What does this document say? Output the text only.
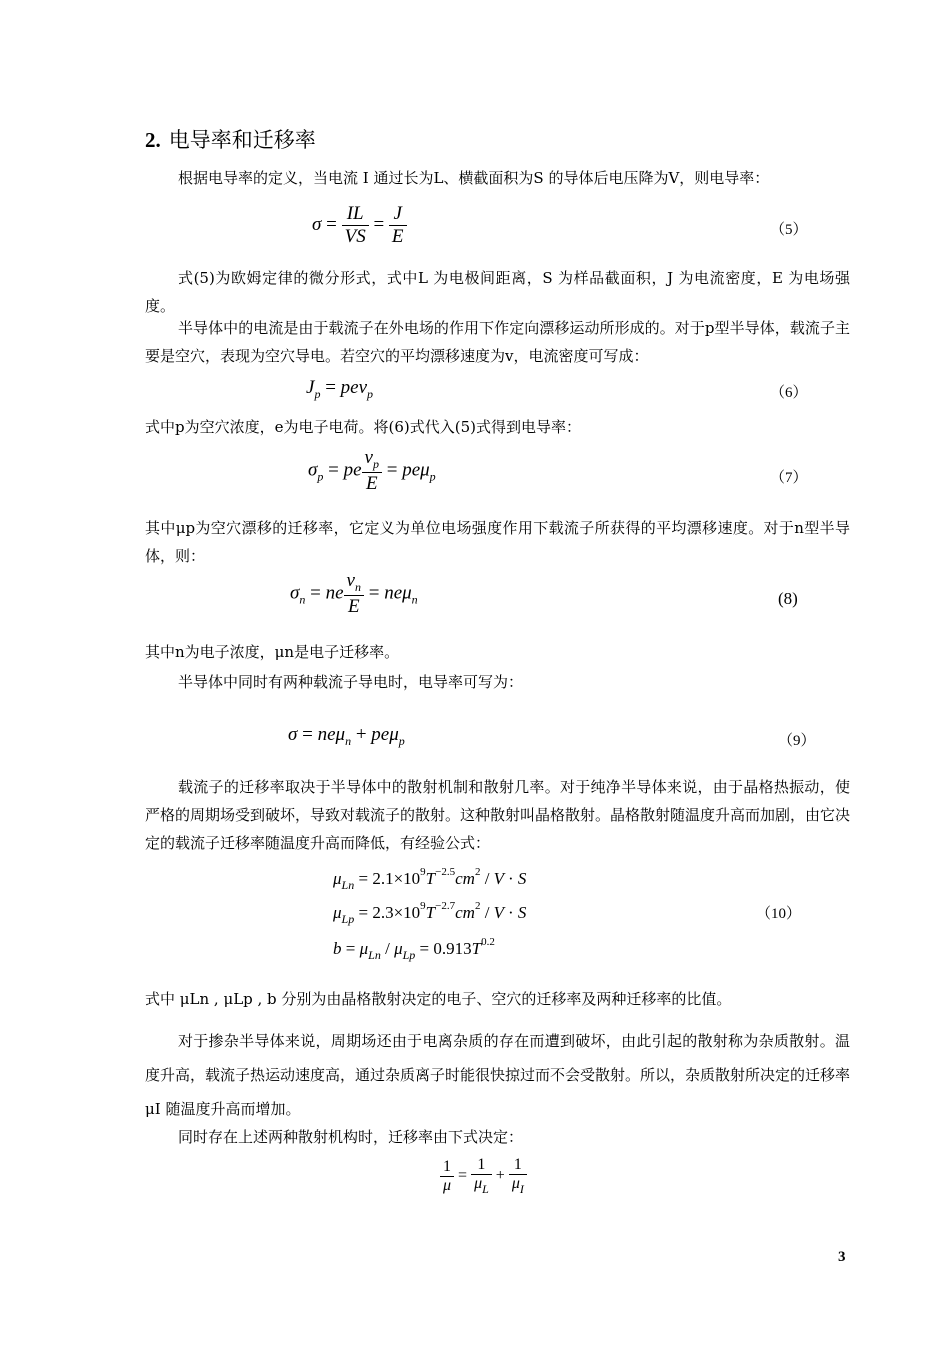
2. 电导率和迁移率
根据电导率的定义，当电流 I 通过长为L、横截面积为S 的导体后电压降为V，则电导率：
$\sigma = \frac{IL}{VS} = \frac{J}{E}$	（5）
式(5)为欧姆定律的微分形式，式中L 为电极间距离，S 为样品截面积，J 为电流密度，E 为电场强度。
半导体中的电流是由于载流子在外电场的作用下作定向漂移运动所形成的。对于p型半导体，载流子主要是空穴，表现为空穴导电。若空穴的平均漂移速度为v，电流密度可写成：
$J_p = pev_p$	（6）
式中p为空穴浓度，e为电子电荷。将(6)式代入(5)式得到电导率：
$\sigma_p$ = pe $\frac{v_p}{E} = pe\mu_p$	（7）
其中μp为空穴漂移的迁移率，它定义为单位电场强度作用下载流子所获得的平均漂移速度。对于n型半导体，则：
$\sigma_n$ = ne $\frac{v_n}{E} = ne\mu_n$	(8)
其中n为电子浓度，μn是电子迁移率。
半导体中同时有两种载流子导电时，电导率可写为：
σ = neμ$_n$ + peμ$_p$	（9）
载流子的迁移率取决于半导体中的散射机制和散射几率。对于纯净半导体来说，由于晶格热振动，使严格的周期场受到破坏，导致对载流子的散射。这种散射叫晶格散射。晶格散射随温度升高而加剧，由它决定的载流子迁移率随温度升高而降低，有经验公式：
$\mu_{Ln} = 2.1\times 10^9T^{-2.5}cm^2 / V \cdot S$
$\mu_{Lp} = 2.3\times 10^9T^{-2.7}cm^2 / V \cdot S$
$b = \mu_{Ln} / \mu_{Lp} = 0.913T^{0.2}$
（10）
式中 μLn , μLp , b 分别为由晶格散射决定的电子、空穴的迁移率及两种迁移率的比值。
对于掺杂半导体来说，周期场还由于电离杂质的存在而遭到破坏，由此引起的散射称为杂质散射。温度升高，载流子热运动速度高，通过杂质离子时能很快掠过而不会受散射。所以，杂质散射所决定的迁移率 μI 随温度升高而增加。
同时存在上述两种散射机构时，迁移率由下式决定：
$\frac{1}{\mu} = \frac{1}{\mu_L} + \frac{1}{\mu_I}$
3
